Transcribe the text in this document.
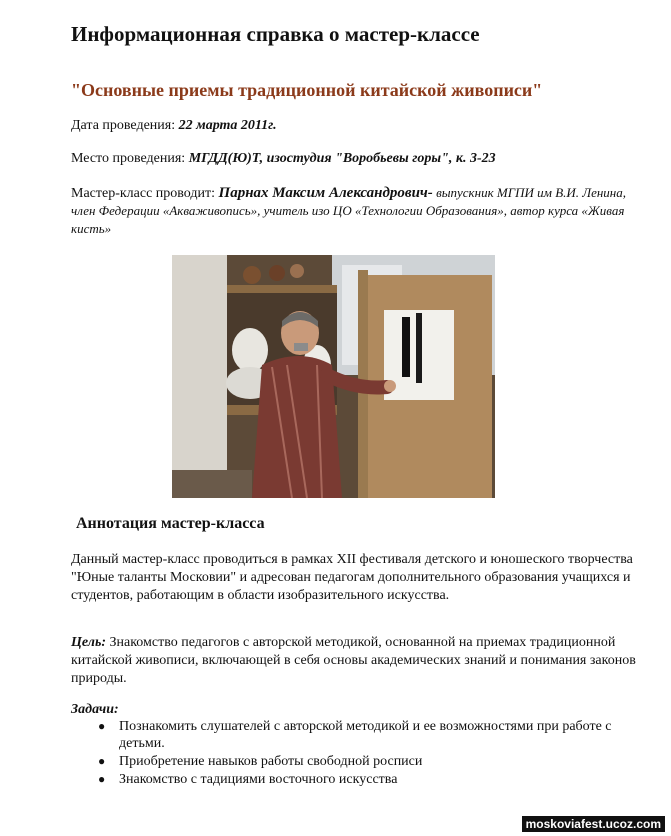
Информационная справка о мастер-классе
"Основные приемы традиционной китайской живописи"
Дата проведения: 22 марта 2011г.
Место проведения: МГДД(Ю)Т, изостудия "Воробьевы горы", к. 3-23
Мастер-класс проводит: Парнах Максим Александрович- выпускник МГПИ им В.И. Ленина, член Федерации «Акваживопись», учитель изо ЦО «Технологии Образования», автор курса «Живая кисть»
Аннотация мастер-класса

Данный мастер-класс проводиться в рамках XII фестиваля детского и юношеского творчества "Юные таланты Московии" и адресован педагогам дополнительного образования учащихся и студентов, работающим в области изобразительного искусства.

Цель: Знакомство педагогов с авторской методикой, основанной на приемах традиционной китайской живописи, включающей в себя основы академических знаний и понимания законов природы.

Задачи:
● Познакомить слушателей с авторской методикой и ее возможностями при работе с детьми.
● Приобретение навыков работы свободной росписи
● Знакомство с тадициями восточного искусства
moskoviafest.ucoz.com
